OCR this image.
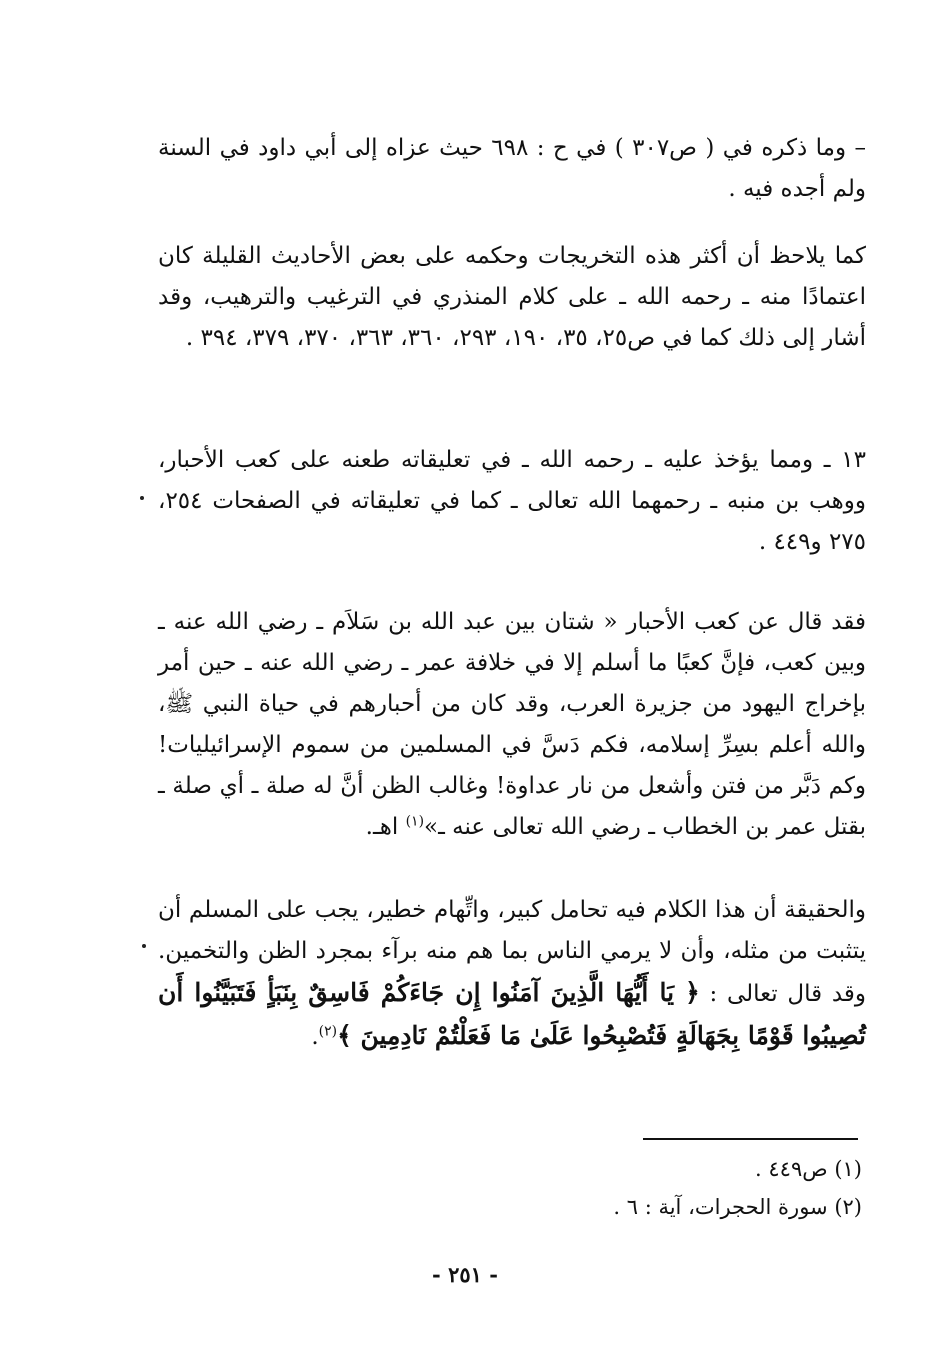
– وما ذكره في ( ص٣٠٧ ) في ح : ٦٩٨ حيث عزاه إلى أبي داود في السنة ولم أجده فيه .

كما يلاحظ أن أكثر هذه التخريجات وحكمه على بعض الأحاديث القليلة كان اعتمادًا منه ـ رحمه الله ـ على كلام المنذري في الترغيب والترهيب، وقد أشار إلى ذلك كما في ص٢٥، ٣٥، ١٩٠، ٢٩٣، ٣٦٠، ٣٦٣، ٣٧٠، ٣٧٩، ٣٩٤ .

١٣ ـ ومما يؤخذ عليه ـ رحمه الله ـ في تعليقاته طعنه على كعب الأحبار، ووهب بن منبه ـ رحمهما الله تعالى ـ كما في تعليقاته في الصفحات ٢٥٤، ٢٧٥ و٤٤٩ .

فقد قال عن كعب الأحبار « شتان بين عبد الله بن سَلاَم ـ رضي الله عنه ـ وبين كعب، فإنَّ كعبًا ما أسلم إلا في خلافة عمر ـ رضي الله عنه ـ حين أمر بإخراج اليهود من جزيرة العرب، وقد كان من أحبارهم في حياة النبي ﷺ، والله أعلم بسِرِّ إسلامه، فكم دَسَّ في المسلمين من سموم الإسرائيليات! وكم دَبَّر من فتن وأشعل من نار عداوة! وغالب الظن أنَّ له صلة ـ أي صلة ـ بقتل عمر بن الخطاب ـ رضي الله تعالى عنه ـ»$^{(١)}$ اهـ.

والحقيقة أن هذا الكلام فيه تحامل كبير، واتِّهام خطير، يجب على المسلم أن يتثبت من مثله، وأن لا يرمي الناس بما هم منه برآء بمجرد الظن والتخمين. وقد قال تعالى : ﴿ يَا أَيُّهَا الَّذِينَ آمَنُوا إِن جَاءَكُمْ فَاسِقٌ بِنَبَأٍ فَتَبَيَّنُوا أَن تُصِيبُوا قَوْمًا بِجَهَالَةٍ فَتُصْبِحُوا عَلَىٰ مَا فَعَلْتُمْ نَادِمِينَ ﴾$^{(٢)}$.

(١) ص٤٤٩ .

(٢) سورة الحجرات، آية : ٦ .

- ٢٥١ -
